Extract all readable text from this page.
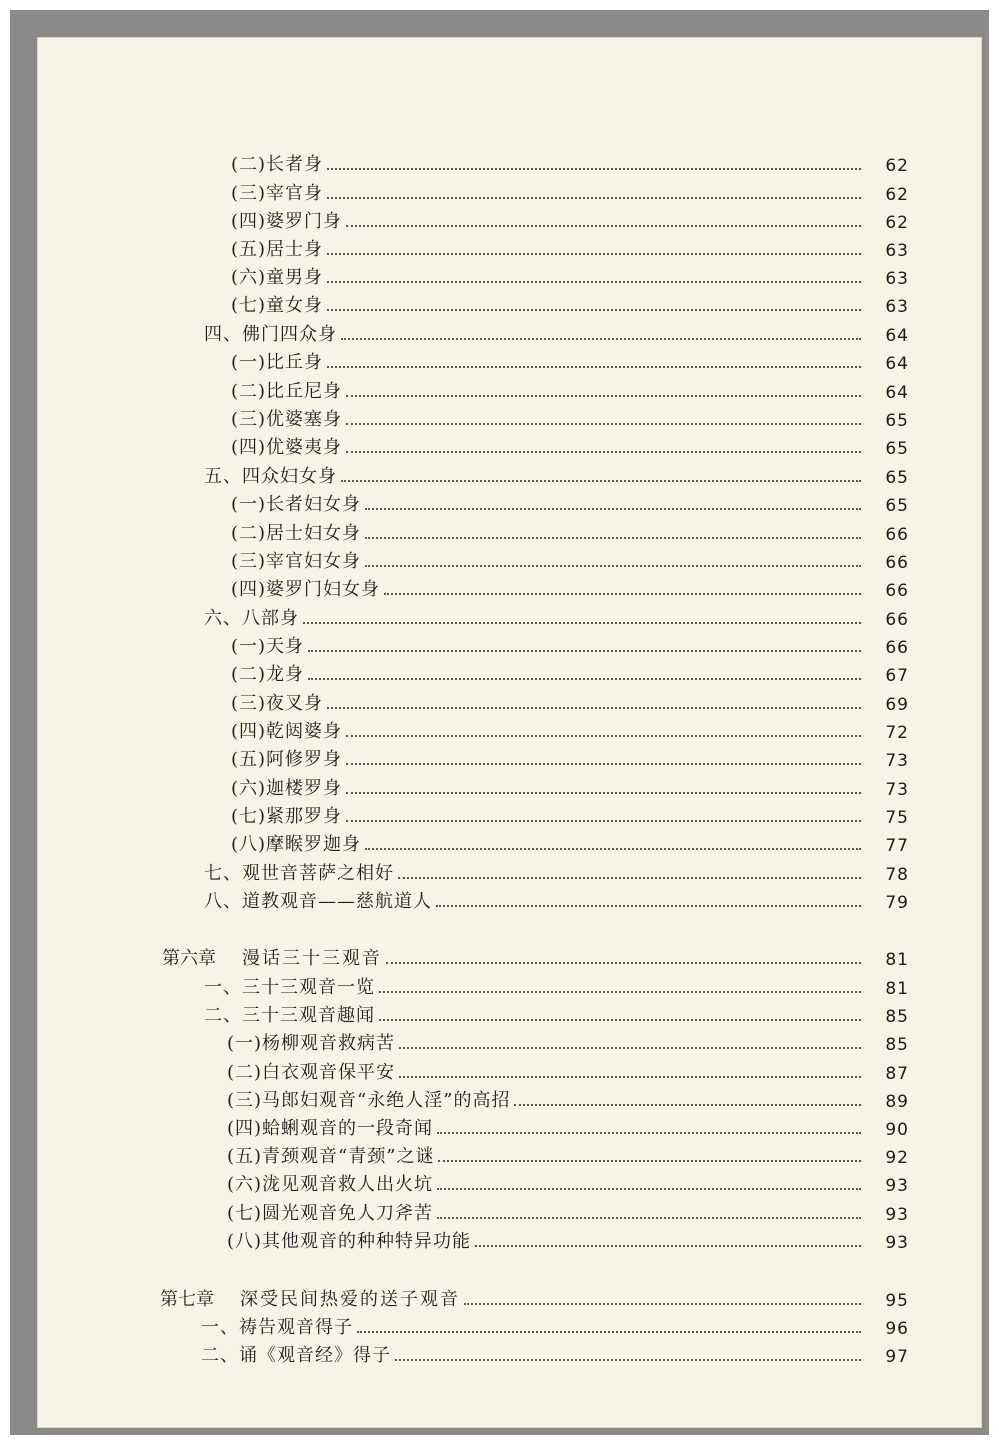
(二)长者身	62
(三)宰官身	62
(四)婆罗门身	62
(五)居士身	63
(六)童男身	63
(七)童女身	63
四、佛门四众身	64
(一)比丘身	64
(二)比丘尼身	64
(三)优婆塞身	65
(四)优婆夷身	65
五、四众妇女身	65
(一)长者妇女身	65
(二)居士妇女身	66
(三)宰官妇女身	66
(四)婆罗门妇女身	66
六、八部身	66
(一)天身	66
(二)龙身	67
(三)夜叉身	69
(四)乾闼婆身	72
(五)阿修罗身	73
(六)迦楼罗身	73
(七)紧那罗身	75
(八)摩睺罗迦身	77
七、观世音菩萨之相好	78
八、道教观音——慈航道人	79
第六章 漫话三十三观音	81
一、三十三观音一览	81
二、三十三观音趣闻	85
(一)杨柳观音救病苦	85
(二)白衣观音保平安	87
(三)马郎妇观音“永绝人淫”的高招	89
(四)蛤蜊观音的一段奇闻	90
(五)青颈观音“青颈”之谜	92
(六)泷见观音救人出火坑	93
(七)圆光观音免人刀斧苦	93
(八)其他观音的种种特异功能	93
第七章 深受民间热爱的送子观音	95
一、祷告观音得子	96
二、诵《观音经》得子	97
